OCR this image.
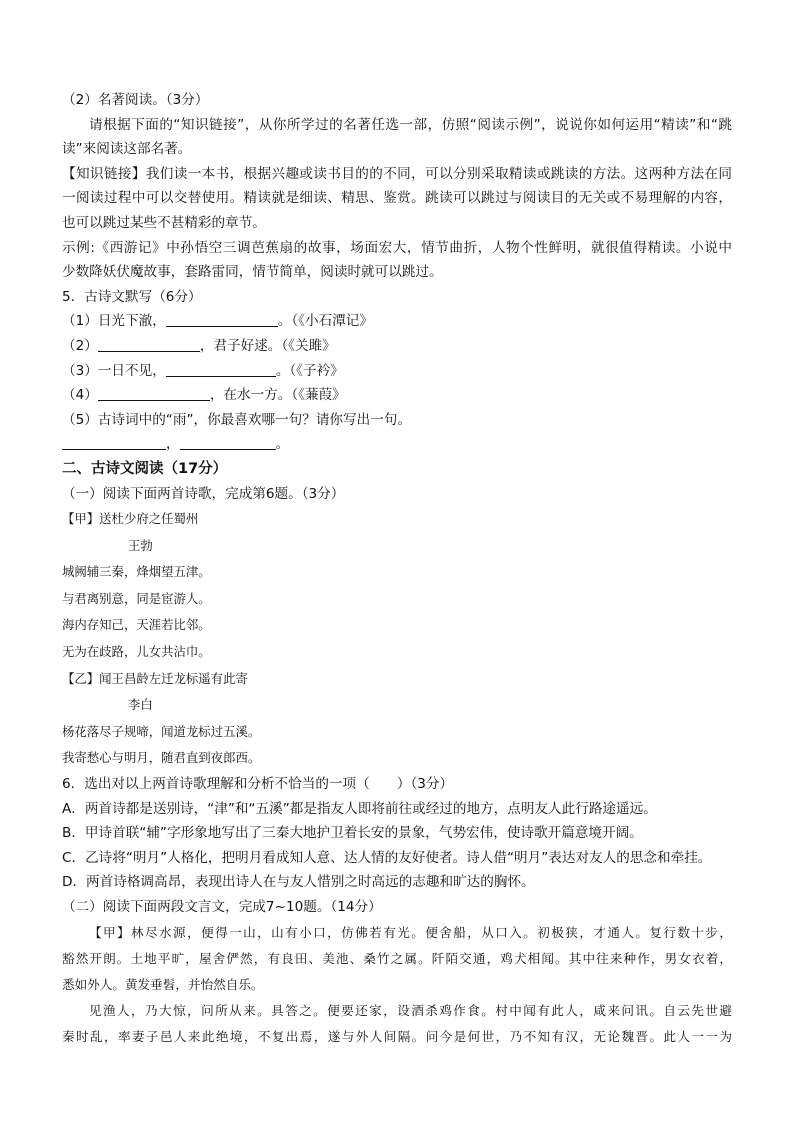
（2）名著阅读。（3分）
请根据下面的“知识链接”，从你所学过的名著任选一部，仿照“阅读示例”，说说你如何运用“精读”和“跳
读”来阅读这部名著。
【知识链接】我们读一本书，根据兴趣或读书目的的不同，可以分别采取精读或跳读的方法。这两种方法在同
一阅读过程中可以交替使用。精读就是细读、精思、鉴赏。跳读可以跳过与阅读目的无关或不易理解的内容，
也可以跳过某些不甚精彩的章节。
示例:《西游记》中孙悟空三调芭蕉扇的故事，场面宏大，情节曲折，人物个性鲜明，就很值得精读。小说中
少数降妖伏魔故事，套路雷同，情节简单，阅读时就可以跳过。
5．古诗文默写（6分）
（1）日光下澈，	。（《小石潭记》
（2）	，君子好逑。（《关雎》
（3）一日不见，	。（《子衿》
（4）	，在水一方。（《蒹葭》
（5）古诗词中的“雨”，你最喜欢哪一句？请你写出一句。
，	。
二、古诗文阅读（17分）
（一）阅读下面两首诗歌，完成第6题。（3分）
【甲】送杜少府之任蜀州
王勃
城阙辅三秦，烽烟望五津。
与君离别意，同是宦游人。
海内存知己，天涯若比邻。
无为在歧路，儿女共沾巾。
【乙】闻王昌龄左迁龙标遥有此寄
李白
杨花落尽子规啼，闻道龙标过五溪。
我寄愁心与明月，随君直到夜郎西。
6．选出对以上两首诗歌理解和分析不恰当的一项（　　）（3分）
A．两首诗都是送别诗，“津”和“五溪”都是指友人即将前往或经过的地方，点明友人此行路途遥远。
B．甲诗首联“辅”字形象地写出了三秦大地护卫着长安的景象，气势宏伟，使诗歌开篇意境开阔。
C．乙诗将“明月”人格化，把明月看成知人意、达人情的友好使者。诗人借“明月”表达对友人的思念和牵挂。
D．两首诗格调高昂，表现出诗人在与友人惜别之时高远的志趣和旷达的胸怀。
（二）阅读下面两段文言文，完成7~10题。（14分）
【甲】林尽水源，便得一山，山有小口，仿佛若有光。便舍船，从口入。初极狭，才通人。复行数十步，
豁然开朗。土地平旷，屋舍俨然，有良田、美池、桑竹之属。阡陌交通，鸡犬相闻。其中往来种作，男女衣着，
悉如外人。黄发垂髫，并怡然自乐。
见渔人，乃大惊，问所从来。具答之。便要还家，设酒杀鸡作食。村中闻有此人，咸来问讯。自云先世避
秦时乱，率妻子邑人来此绝境，不复出焉，遂与外人间隔。问今是何世，乃不知有汉，无论魏晋。此人一一为
